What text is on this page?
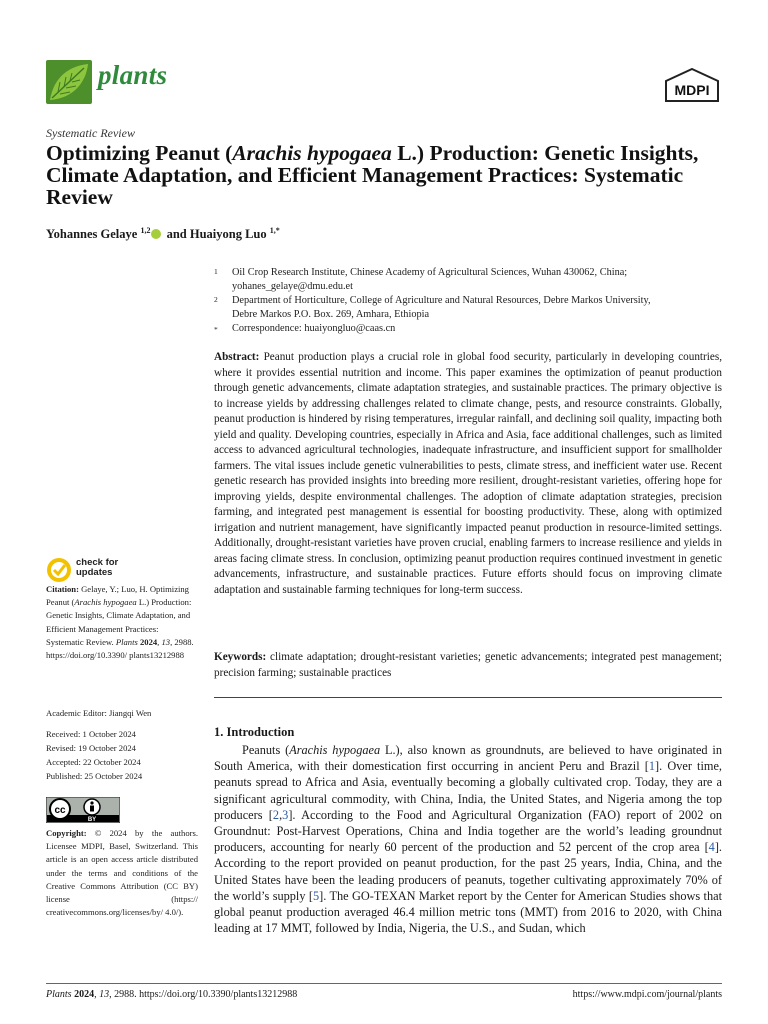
plants	MDPI
Systematic Review
Optimizing Peanut (Arachis hypogaea L.) Production: Genetic Insights, Climate Adaptation, and Efficient Management Practices: Systematic Review
Yohannes Gelaye $^{1,2}$ and Huaiyong Luo $^{1,*}$
1 Oil Crop Research Institute, Chinese Academy of Agricultural Sciences, Wuhan 430062, China;
yohanes_gelaye@dmu.edu.et
2 Department of Horticulture, College of Agriculture and Natural Resources, Debre Markos University,
Debre Markos P.O. Box. 269, Amhara, Ethiopia
* Correspondence: huaiyongluo@caas.cn
Abstract: Peanut production plays a crucial role in global food security, particularly in developing countries, where it provides essential nutrition and income. This paper examines the optimization of peanut production through genetic advancements, climate adaptation strategies, and sustainable practices. The primary objective is to increase yields by addressing challenges related to climate change, pests, and resource constraints. Globally, peanut production is hindered by rising temperatures, irregular rainfall, and declining soil quality, impacting both yield and quality. Developing countries, especially in Africa and Asia, face additional challenges, such as limited access to advanced agricultural technologies, inadequate infrastructure, and insufficient support for smallholder farmers. The vital issues include genetic vulnerabilities to pests, climate stress, and inefficient water use. Recent genetic research has provided insights into breeding more resilient, drought-resistant varieties, offering hope for improving yields, despite environmental challenges. The adoption of climate adaptation strategies, precision farming, and integrated pest management is essential for boosting productivity. These, along with optimized irrigation and nutrient management, have significantly impacted peanut production in resource-limited settings. Additionally, drought-resistant varieties have proven crucial, enabling farmers to increase resilience and yields in areas facing climate stress. In conclusion, optimizing peanut production requires continued investment in genetic advancements, infrastructure, and sustainable practices. Future efforts should focus on improving climate adaptation and sustainable farming techniques for long-term success.
Keywords: climate adaptation; drought-resistant varieties; genetic advancements; integrated pest management; precision farming; sustainable practices
1. Introduction
Peanuts (Arachis hypogaea L.), also known as groundnuts, are believed to have originated in South America, with their domestication first occurring in ancient Peru and Brazil [1]. Over time, peanuts spread to Africa and Asia, eventually becoming a globally cultivated crop. Today, they are a significant agricultural commodity, with China, India, the United States, and Nigeria among the top producers [2,3]. According to the Food and Agricultural Organization (FAO) report of 2002 on Groundnut: Post-Harvest Operations, China and India together are the world’s leading groundnut producers, accounting for nearly 60 percent of the production and 52 percent of the crop area [4]. According to the report provided on peanut production, for the past 25 years, India, China, and the United States have been the leading producers of peanuts, together cultivating approximately 70% of the world’s supply [5]. The GO-TEXAN Market report by the Center for American Studies shows that global peanut production averaged 46.4 million metric tons (MMT) from 2016 to 2020, with China leading at 17 MMT, followed by India, Nigeria, the U.S., and Sudan, which
check for
updates
Citation: Gelaye, Y.; Luo, H. Optimizing Peanut (Arachis hypogaea L.) Production: Genetic Insights, Climate Adaptation, and Efficient Management Practices: Systematic Review. Plants 2024, 13, 2988. https://doi.org/10.3390/ plants13212988
Academic Editor: Jiangqi Wen
Received: 1 October 2024
Revised: 19 October 2024
Accepted: 22 October 2024
Published: 25 October 2024
cc
BY
Copyright: © 2024 by the authors. Licensee MDPI, Basel, Switzerland. This article is an open access article distributed under the terms and conditions of the Creative Commons Attribution (CC BY) license (https:// creativecommons.org/licenses/by/ 4.0/).
Plants 2024, 13, 2988. https://doi.org/10.3390/plants13212988	https://www.mdpi.com/journal/plants
